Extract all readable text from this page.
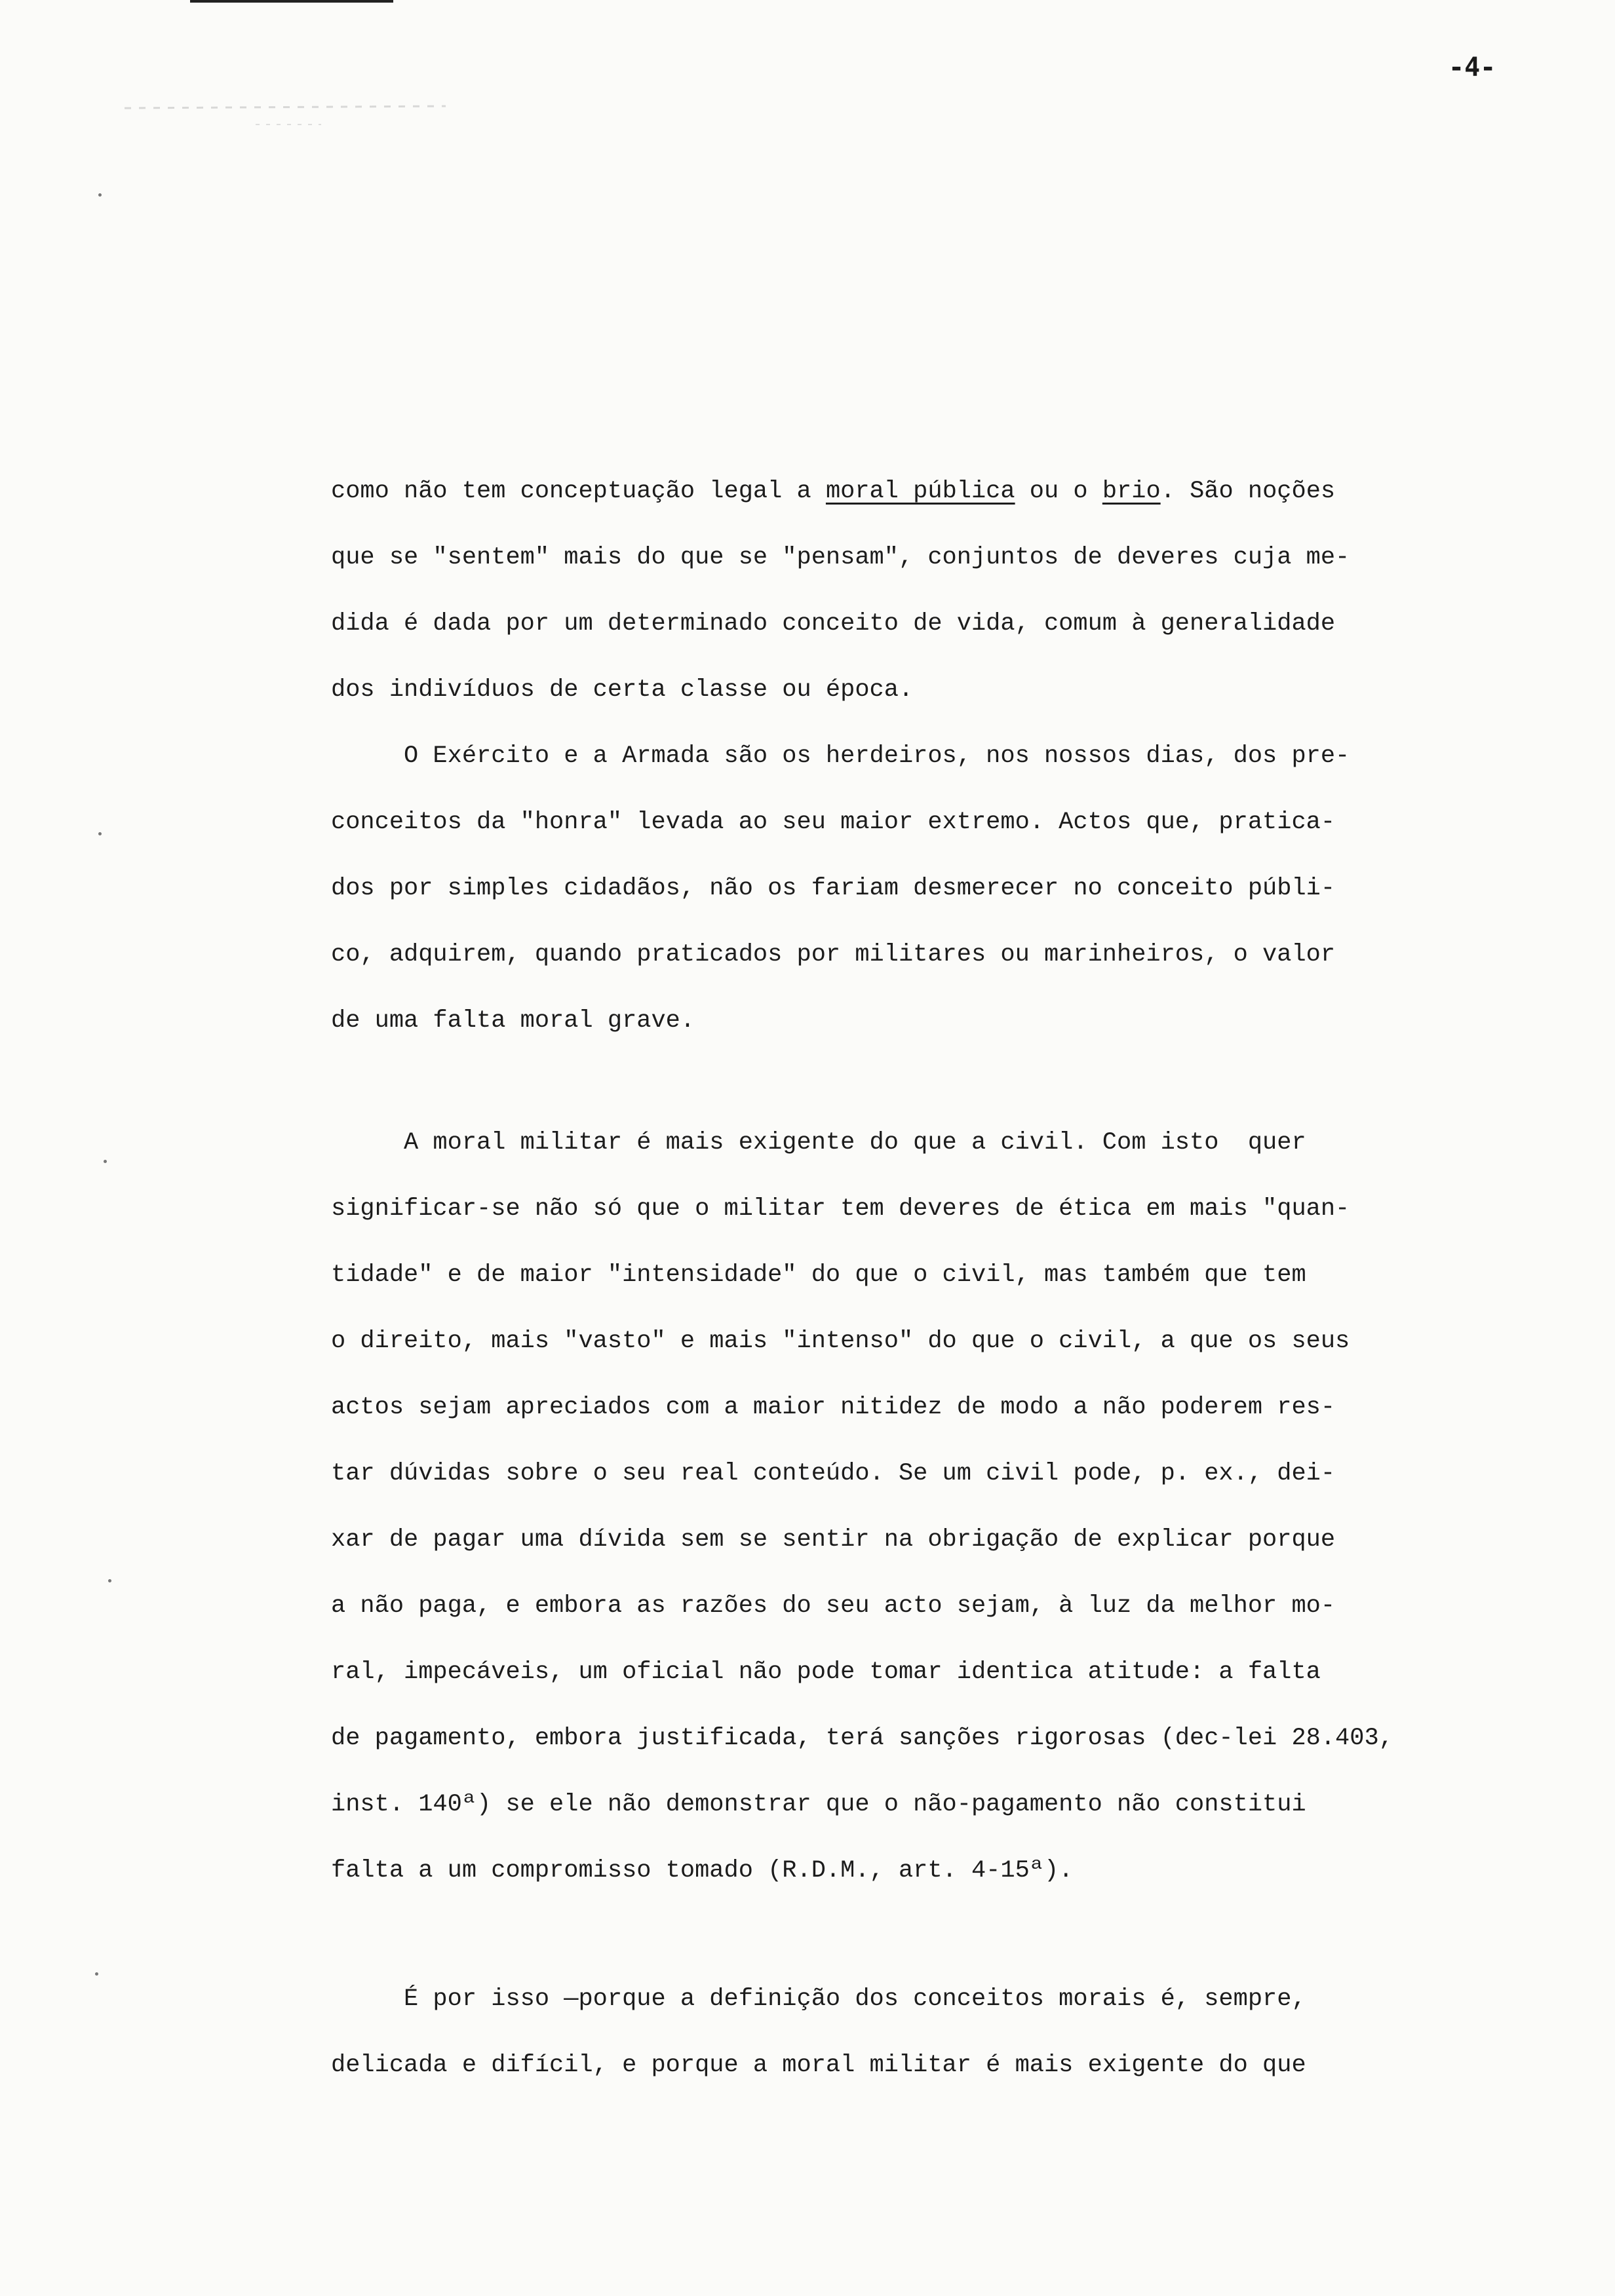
-4-

como não tem conceptuação legal a moral pública ou o brio. São noções

que se "sentem" mais do que se "pensam", conjuntos de deveres cuja me-

dida é dada por um determinado conceito de vida, comum à generalidade

dos indivíduos de certa classe ou época.

O Exército e a Armada são os herdeiros, nos nossos dias, dos pre-

conceitos da "honra" levada ao seu maior extremo. Actos que, pratica-

dos por simples cidadãos, não os fariam desmerecer no conceito públi-

co, adquirem, quando praticados por militares ou marinheiros, o valor

de uma falta moral grave.

A moral militar é mais exigente do que a civil. Com isto  quer

significar-se não só que o militar tem deveres de ética em mais "quan-

tidade" e de maior "intensidade" do que o civil, mas também que tem

o direito, mais "vasto" e mais "intenso" do que o civil, a que os seus

actos sejam apreciados com a maior nitidez de modo a não poderem res-

tar dúvidas sobre o seu real conteúdo. Se um civil pode, p. ex., dei-

xar de pagar uma dívida sem se sentir na obrigação de explicar porque

a não paga, e embora as razões do seu acto sejam, à luz da melhor mo-

ral, impecáveis, um oficial não pode tomar identica atitude: a falta

de pagamento, embora justificada, terá sanções rigorosas (dec-lei 28.403,

inst. 140ª) se ele não demonstrar que o não-pagamento não constitui

falta a um compromisso tomado (R.D.M., art. 4-15ª).

É por isso —porque a definição dos conceitos morais é, sempre,

delicada e difícil, e porque a moral militar é mais exigente do que
